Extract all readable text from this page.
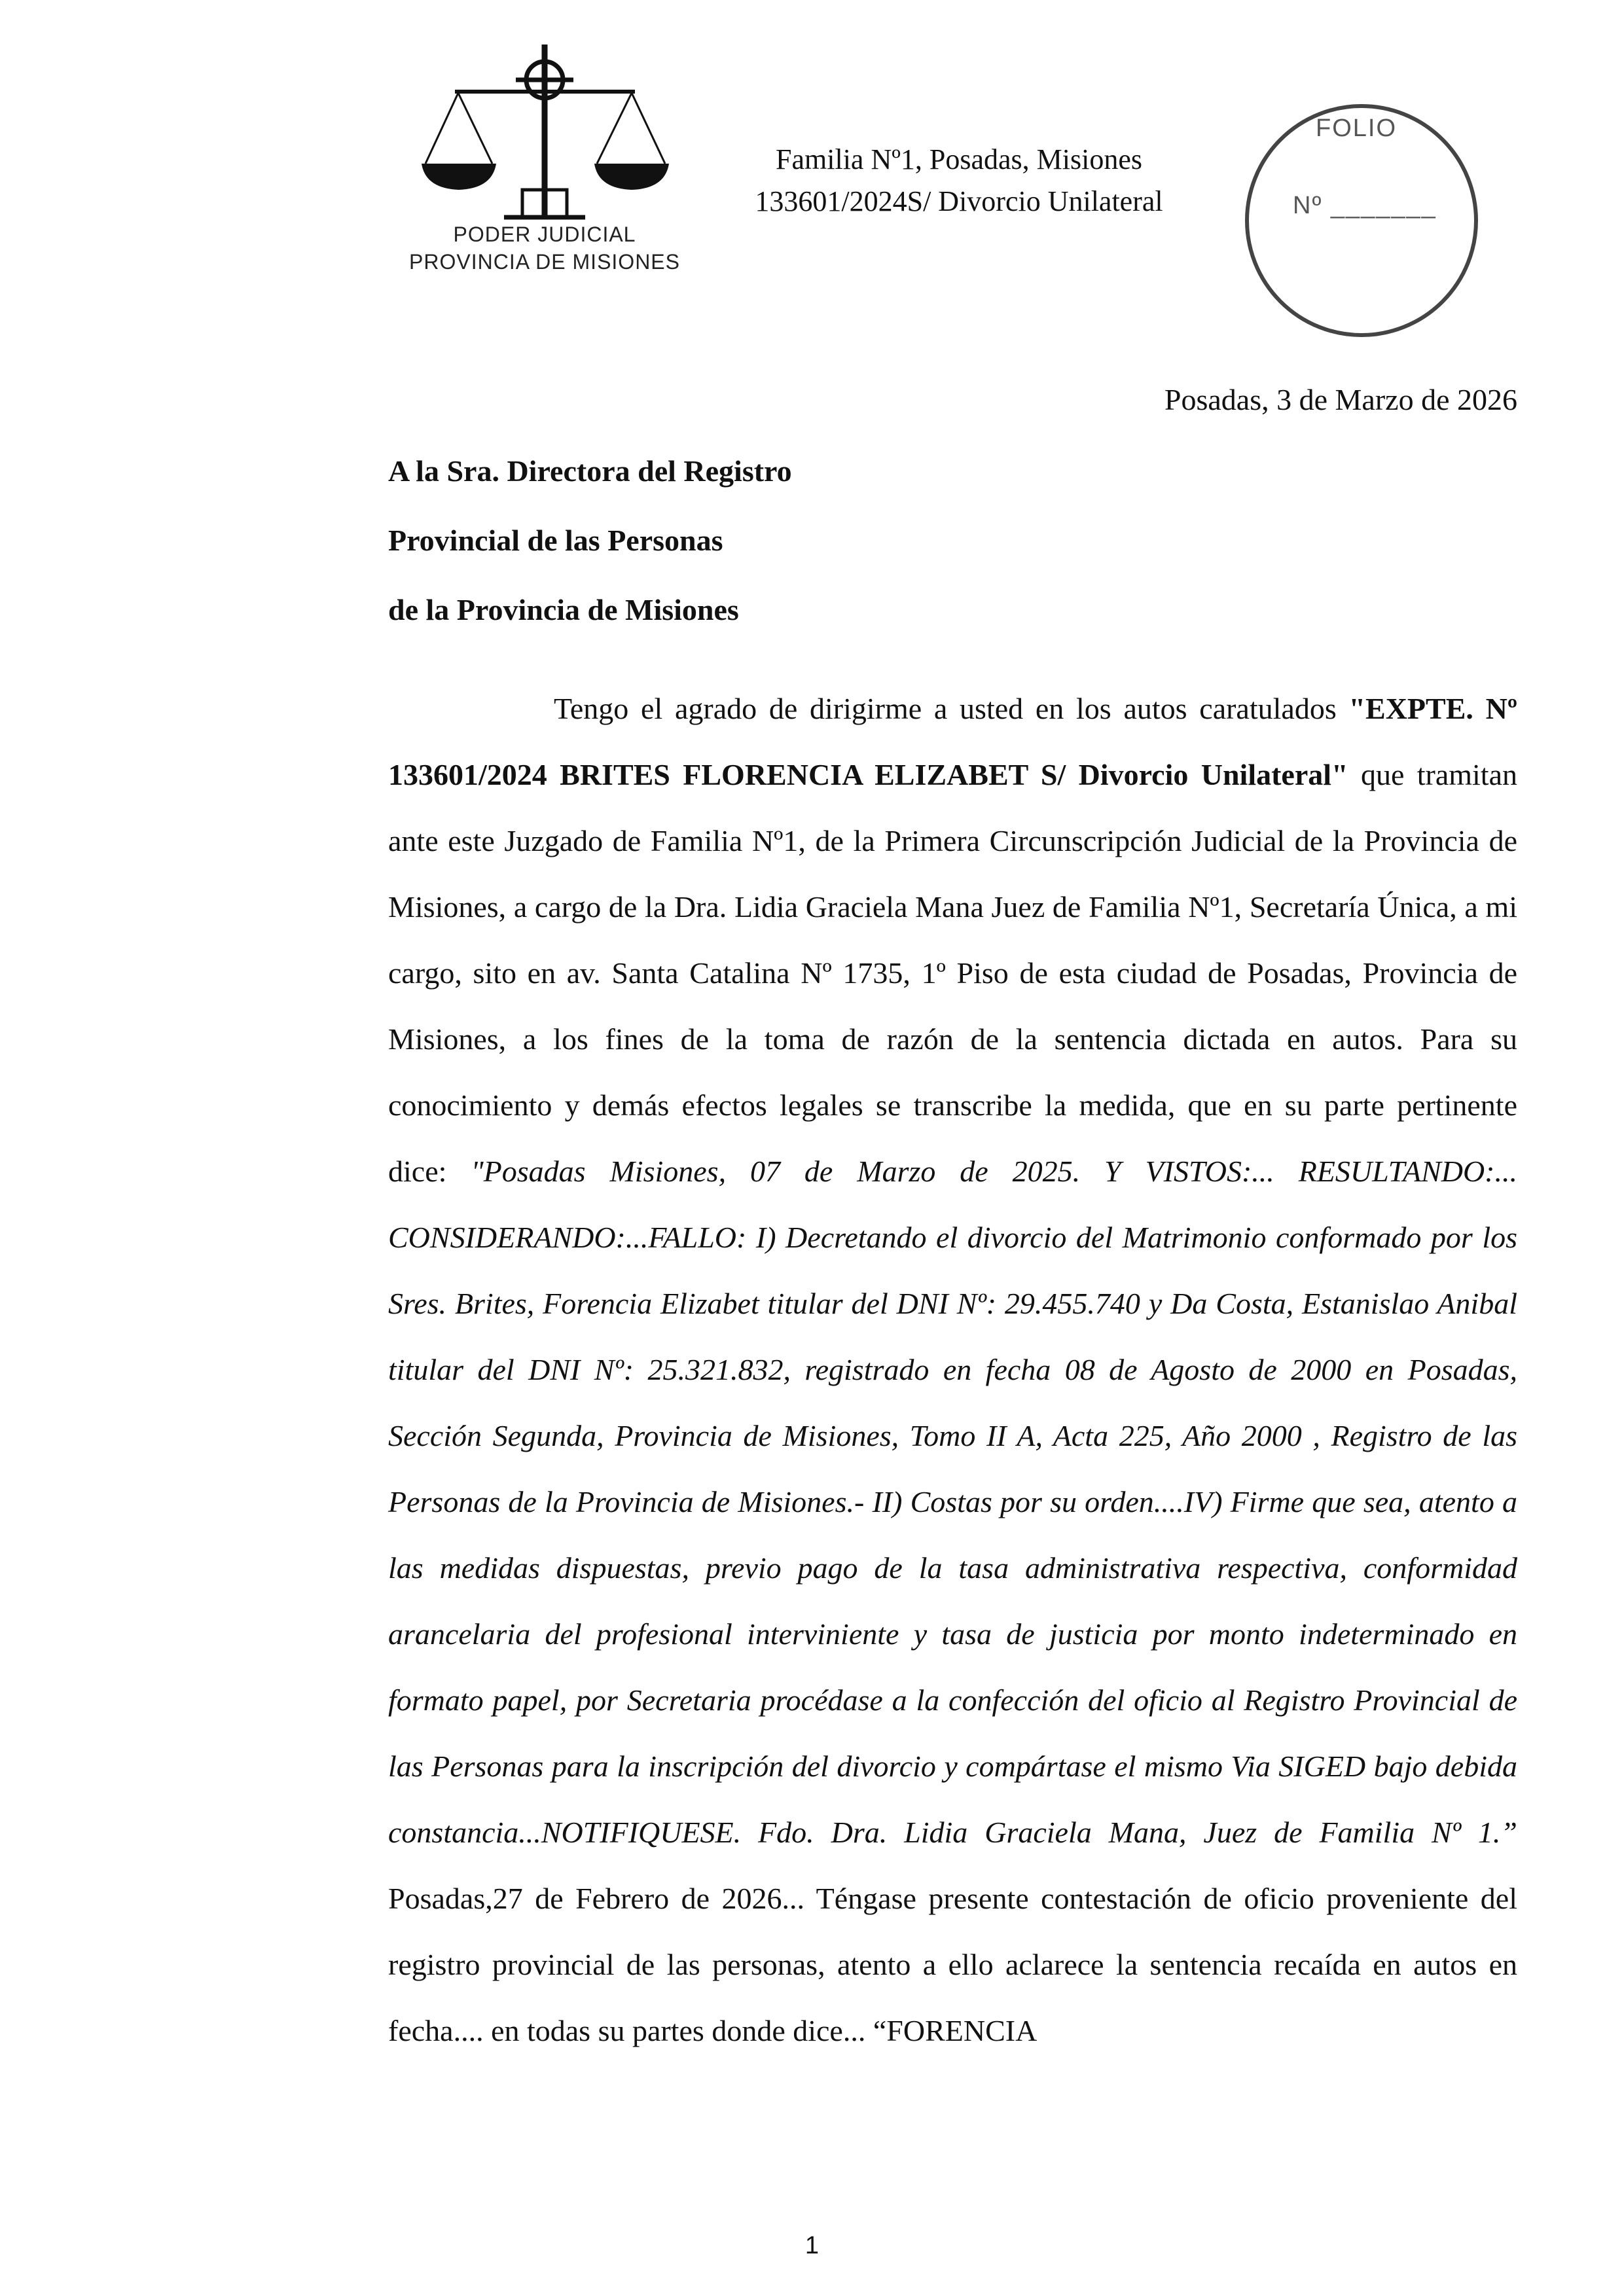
PODER JUDICIAL
PROVINCIA DE MISIONES
Familia Nº1, Posadas, Misiones
133601/2024S/ Divorcio Unilateral
FOLIO
Nº _______
Posadas, 3 de Marzo de 2026
A la Sra. Directora del Registro
Provincial de las Personas
de la Provincia de Misiones
Tengo el agrado de dirigirme a usted en los autos caratulados "EXPTE. Nº 133601/2024 BRITES FLORENCIA ELIZABET S/ Divorcio Unilateral" que tramitan ante este Juzgado de Familia Nº1, de la Primera Circunscripción Judicial de la Provincia de Misiones, a cargo de la Dra. Lidia Graciela Mana Juez de Familia Nº1, Secretaría Única, a mi cargo, sito en av. Santa Catalina Nº 1735, 1º Piso de esta ciudad de Posadas, Provincia de Misiones, a los fines de la toma de razón de la sentencia dictada en autos. Para su conocimiento y demás efectos legales se transcribe la medida, que en su parte pertinente dice: "Posadas Misiones, 07 de Marzo de 2025. Y VISTOS:... RESULTANDO:... CONSIDERANDO:...FALLO: I) Decretando el divorcio del Matrimonio conformado por los Sres. Brites, Forencia Elizabet titular del DNI Nº: 29.455.740 y Da Costa, Estanislao Anibal titular del DNI Nº: 25.321.832, registrado en fecha 08 de Agosto de 2000 en Posadas, Sección Segunda, Provincia de Misiones, Tomo II A, Acta 225, Año 2000 , Registro de las Personas de la Provincia de Misiones.- II) Costas por su orden....IV) Firme que sea, atento a las medidas dispuestas, previo pago de la tasa administrativa respectiva, conformidad arancelaria del profesional interviniente y tasa de justicia por monto indeterminado en formato papel, por Secretaria procédase a la confección del oficio al Registro Provincial de las Personas para la inscripción del divorcio y compártase el mismo Via SIGED bajo debida constancia...NOTIFIQUESE. Fdo. Dra. Lidia Graciela Mana, Juez de Familia Nº 1.” Posadas,27 de Febrero de 2026... Téngase presente contestación de oficio proveniente del registro provincial de las personas, atento a ello aclarece la sentencia recaída en autos en fecha.... en todas su partes donde dice... “FORENCIA
1
